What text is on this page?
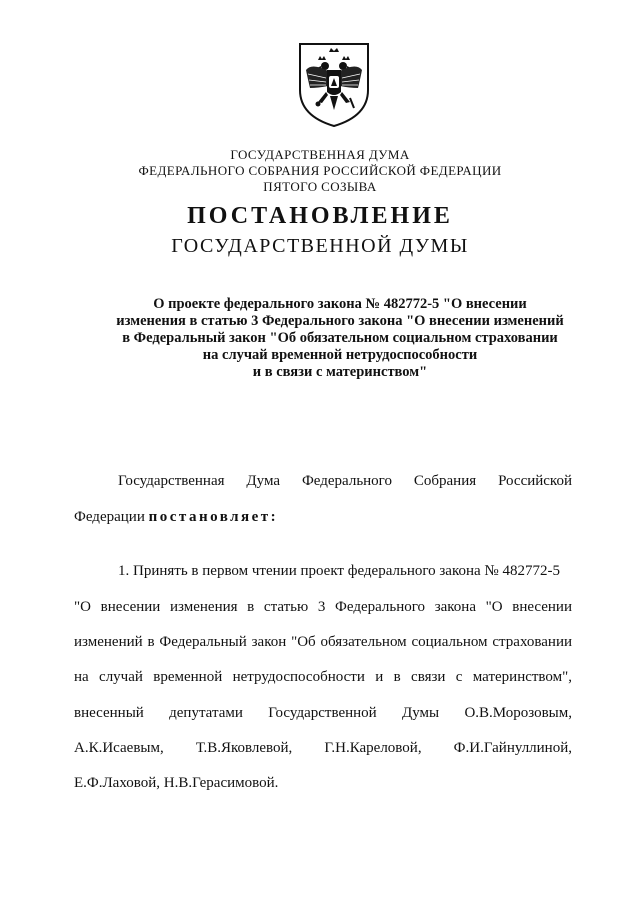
ГОСУДАРСТВЕННАЯ ДУМА
ФЕДЕРАЛЬНОГО СОБРАНИЯ РОССИЙСКОЙ ФЕДЕРАЦИИ
ПЯТОГО СОЗЫВА
ПОСТАНОВЛЕНИЕ
ГОСУДАРСТВЕННОЙ ДУМЫ
О проекте федерального закона № 482772-5 "О внесении
изменения в статью 3 Федерального закона "О внесении изменений
в Федеральный закон "Об обязательном социальном страховании
на случай временной нетрудоспособности
и в связи с материнством"
Государственная Дума Федерального Собрания Российской
Федерации постановляет:
1. Принять в первом чтении проект федерального закона № 482772-5
"О внесении изменения в статью 3 Федерального закона "О внесении
изменений в Федеральный закон "Об обязательном социальном страховании
на случай временной нетрудоспособности и в связи с материнством",
внесенный депутатами Государственной Думы О.В.Морозовым,
А.К.Исаевым, Т.В.Яковлевой, Г.Н.Кареловой, Ф.И.Гайнуллиной,
Е.Ф.Лаховой, Н.В.Герасимовой.
